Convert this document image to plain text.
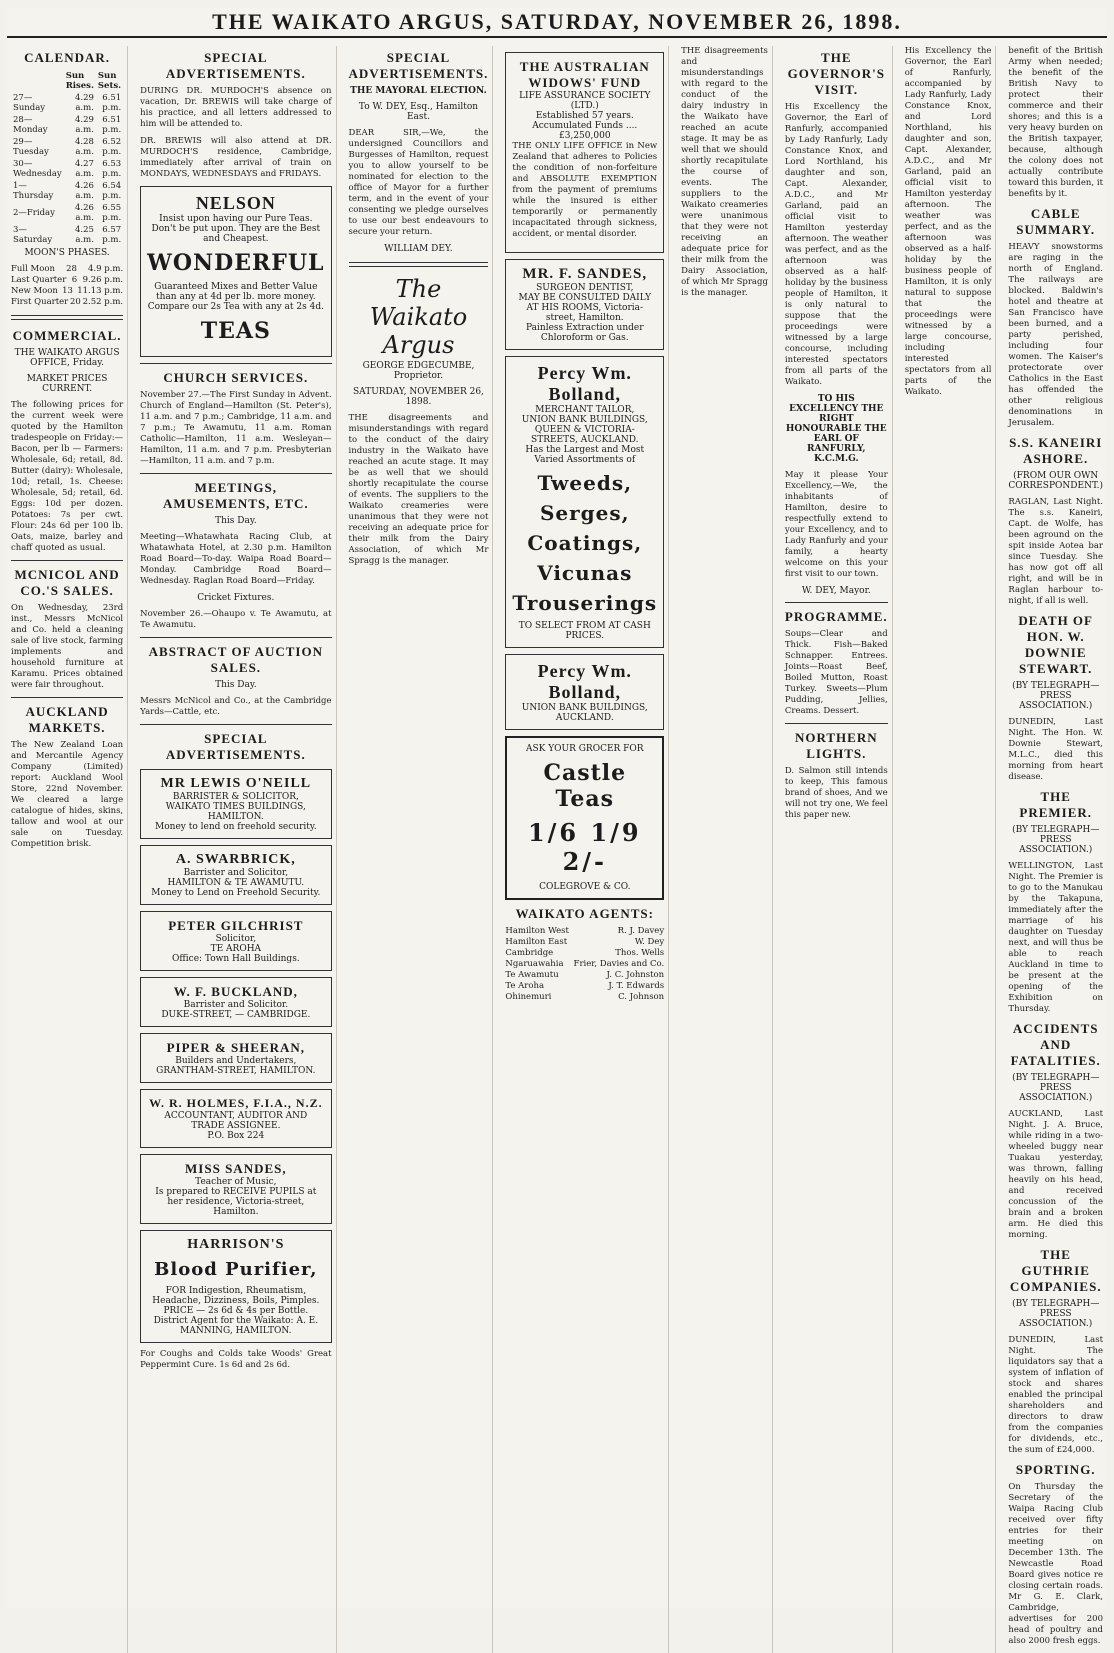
THE WAIKATO ARGUS, SATURDAY, NOVEMBER 26, 1898.
CALENDAR.
	Sun Rises.	Sun Sets.
27—Sunday	4.29 a.m.	6.51 p.m.
28—Monday	4.29 a.m.	6.51 p.m.
29—Tuesday	4.28 a.m.	6.52 p.m.
30—Wednesday	4.27 a.m.	6.53 p.m.
1—Thursday	4.26 a.m.	6.54 p.m.
2—Friday	4.26 a.m.	6.55 p.m.
3—Saturday	4.25 a.m.	6.57 p.m.
MOON'S PHASES.
Full Moon 28 4.9 p.m.
Last Quarter 6 9.26 p.m.
New Moon 13 11.13 p.m.
First Quarter 20 2.52 p.m.
COMMERCIAL.
THE WAIKATO ARGUS OFFICE, Friday.
MARKET PRICES CURRENT.

The following prices for the current week were quoted by the Hamilton tradespeople on Friday:— Bacon, per lb — Farmers: Wholesale, 6d; retail, 8d. Butter (dairy): Wholesale, 10d; retail, 1s. Cheese: Wholesale, 5d; retail, 6d. Eggs: 10d per dozen. Potatoes: 7s per cwt. Flour: 24s 6d per 100 lb. Oats, maize, barley and chaff quoted as usual.

MCNICOL AND CO.'S SALES.

On Wednesday, 23rd inst., Messrs McNicol and Co. held a cleaning sale of live stock, farming implements and household furniture at Karamu. Prices obtained were fair throughout.

AUCKLAND MARKETS.

The New Zealand Loan and Mercantile Agency Company (Limited) report: Auckland Wool Store, 22nd November. We cleared a large catalogue of hides, skins, tallow and wool at our sale on Tuesday. Competition brisk.

SPECIAL ADVERTISEMENTS.

DURING DR. MURDOCH'S absence on vacation, Dr. BREWIS will take charge of his practice, and all letters addressed to him will be attended to.

DR. BREWIS will also attend at DR. MURDOCH'S residence, Cambridge, immediately after arrival of train on MONDAYS, WEDNESDAYS and FRIDAYS.

NELSON
Insist upon having our Pure Teas. Don't be put upon. They are the Best and Cheapest.
WONDERFUL
Guaranteed Mixes and Better Value than any at 4d per lb. more money. Compare our 2s Tea with any at 2s 4d.
TEAS
CHURCH SERVICES.

November 27.—The First Sunday in Advent. Church of England—Hamilton (St. Peter's), 11 a.m. and 7 p.m.; Cambridge, 11 a.m. and 7 p.m.; Te Awamutu, 11 a.m. Roman Catholic—Hamilton, 11 a.m. Wesleyan—Hamilton, 11 a.m. and 7 p.m. Presbyterian—Hamilton, 11 a.m. and 7 p.m.

MEETINGS, AMUSEMENTS, ETC.
This Day.

Meeting—Whatawhata Racing Club, at Whatawhata Hotel, at 2.30 p.m. Hamilton Road Board—To-day. Waipa Road Board—Monday. Cambridge Road Board—Wednesday. Raglan Road Board—Friday.

Cricket Fixtures.

November 26.—Ohaupo v. Te Awamutu, at Te Awamutu.

ABSTRACT OF AUCTION SALES.
This Day.

Messrs McNicol and Co., at the Cambridge Yards—Cattle, etc.

SPECIAL ADVERTISEMENTS.
MR LEWIS O'NEILL
BARRISTER & SOLICITOR,
WAIKATO TIMES BUILDINGS, HAMILTON.
Money to lend on freehold security.
A. SWARBRICK,
Barrister and Solicitor,
HAMILTON & TE AWAMUTU.
Money to Lend on Freehold Security.
PETER GILCHRIST
Solicitor,
TE AROHA
Office: Town Hall Buildings.
W. F. BUCKLAND,
Barrister and Solicitor.
DUKE-STREET, — CAMBRIDGE.
PIPER & SHEERAN,
Builders and Undertakers,
GRANTHAM-STREET, HAMILTON.
W. R. HOLMES, F.I.A., N.Z.
ACCOUNTANT, AUDITOR AND TRADE ASSIGNEE.
P.O. Box 224
MISS SANDES,
Teacher of Music,
Is prepared to RECEIVE PUPILS at her residence, Victoria-street, Hamilton.
HARRISON'S
Blood Purifier,
FOR Indigestion, Rheumatism, Headache, Dizziness, Boils, Pimples.
PRICE — 2s 6d & 4s per Bottle.
District Agent for the Waikato: A. E. MANNING, HAMILTON.

For Coughs and Colds take Woods' Great Peppermint Cure. 1s 6d and 2s 6d.

SPECIAL ADVERTISEMENTS.
THE MAYORAL ELECTION.
To W. DEY, Esq., Hamilton East.

DEAR SIR,—We, the undersigned Councillors and Burgesses of Hamilton, request you to allow yourself to be nominated for election to the office of Mayor for a further term, and in the event of your consenting we pledge ourselves to use our best endeavours to secure your return.

WILLIAM DEY.
The Waikato Argus
GEORGE EDGECUMBE, Proprietor.
SATURDAY, NOVEMBER 26, 1898.

THE disagreements and misunderstandings with regard to the conduct of the dairy industry in the Waikato have reached an acute stage. It may be as well that we should shortly recapitulate the course of events. The suppliers to the Waikato creameries were unanimous that they were not receiving an adequate price for their milk from the Dairy Association, of which Mr Spragg is the manager.

THE AUSTRALIAN WIDOWS' FUND
LIFE ASSURANCE SOCIETY (LTD.)
Established 57 years.
Accumulated Funds .... £3,250,000

THE ONLY LIFE OFFICE in New Zealand that adheres to Policies the condition of non-forfeiture and ABSOLUTE EXEMPTION from the payment of premiums while the insured is either temporarily or permanently incapacitated through sickness, accident, or mental disorder.

MR. F. SANDES,
SURGEON DENTIST,
MAY BE CONSULTED DAILY AT HIS ROOMS, Victoria-street, Hamilton.
Painless Extraction under Chloroform or Gas.
Percy Wm. Bolland,
MERCHANT TAILOR,
UNION BANK BUILDINGS, QUEEN & VICTORIA-STREETS, AUCKLAND.
Has the Largest and Most Varied Assortments of
Tweeds,
Serges,
Coatings,
Vicunas
Trouserings
TO SELECT FROM AT CASH PRICES.
Percy Wm. Bolland,
UNION BANK BUILDINGS, AUCKLAND.
ASK YOUR GROCER FOR
Castle Teas
1/6 1/9 2/-
COLEGROVE & CO.
WAIKATO AGENTS:
Hamilton West	R. J. Davey
Hamilton East	W. Dey
Cambridge	Thos. Wells
Ngaruawahia Frier, Davies and Co.
Te Awamutu	J. C. Johnston
Te Aroha	J. T. Edwards
Ohinemuri	C. Johnson

THE disagreements and misunderstandings with regard to the conduct of the dairy industry in the Waikato have reached an acute stage. It may be as well that we should shortly recapitulate the course of events. The suppliers to the Waikato creameries were unanimous that they were not receiving an adequate price for their milk from the Dairy Association, of which Mr Spragg is the manager.

THE GOVERNOR'S VISIT.

His Excellency the Governor, the Earl of Ranfurly, accompanied by Lady Ranfurly, Lady Constance Knox, and Lord Northland, his daughter and son, Capt. Alexander, A.D.C., and Mr Garland, paid an official visit to Hamilton yesterday afternoon. The weather was perfect, and as the afternoon was observed as a half-holiday by the business people of Hamilton, it is only natural to suppose that the proceedings were witnessed by a large concourse, including interested spectators from all parts of the Waikato.

TO HIS EXCELLENCY THE RIGHT HONOURABLE THE EARL OF RANFURLY, K.C.M.G.

May it please Your Excellency,—We, the inhabitants of Hamilton, desire to respectfully extend to your Excellency, and to Lady Ranfurly and your family, a hearty welcome on this your first visit to our town.

W. DEY, Mayor.
PROGRAMME.

Soups—Clear and Thick. Fish—Baked Schnapper. Entrees. Joints—Roast Beef, Boiled Mutton, Roast Turkey. Sweets—Plum Pudding, Jellies, Creams. Dessert.

NORTHERN LIGHTS.

D. Salmon still intends to keep, This famous brand of shoes, And we will not try one, We feel this paper new.

His Excellency the Governor, the Earl of Ranfurly, accompanied by Lady Ranfurly, Lady Constance Knox, and Lord Northland, his daughter and son, Capt. Alexander, A.D.C., and Mr Garland, paid an official visit to Hamilton yesterday afternoon. The weather was perfect, and as the afternoon was observed as a half-holiday by the business people of Hamilton, it is only natural to suppose that the proceedings were witnessed by a large concourse, including interested spectators from all parts of the Waikato.

benefit of the British Army when needed; the benefit of the British Navy to protect their commerce and their shores; and this is a very heavy burden on the British taxpayer, because, although the colony does not actually contribute toward this burden, it benefits by it.

CABLE SUMMARY.

HEAVY snowstorms are raging in the north of England. The railways are blocked. Baldwin's hotel and theatre at San Francisco have been burned, and a party perished, including four women. The Kaiser's protectorate over Catholics in the East has offended the other religious denominations in Jerusalem.

S.S. KANEIRI ASHORE.
(FROM OUR OWN CORRESPONDENT.)

RAGLAN, Last Night. The s.s. Kaneiri, Capt. de Wolfe, has been aground on the spit inside Aotea bar since Tuesday. She has now got off all right, and will be in Raglan harbour to-night, if all is well.

DEATH OF HON. W. DOWNIE STEWART.
(BY TELEGRAPH—PRESS ASSOCIATION.)

DUNEDIN, Last Night. The Hon. W. Downie Stewart, M.L.C., died this morning from heart disease.

THE PREMIER.
(BY TELEGRAPH—PRESS ASSOCIATION.)

WELLINGTON, Last Night. The Premier is to go to the Manukau by the Takapuna, immediately after the marriage of his daughter on Tuesday next, and will thus be able to reach Auckland in time to be present at the opening of the Exhibition on Thursday.

ACCIDENTS AND FATALITIES.
(BY TELEGRAPH—PRESS ASSOCIATION.)

AUCKLAND, Last Night. J. A. Bruce, while riding in a two-wheeled buggy near Tuakau yesterday, was thrown, falling heavily on his head, and received concussion of the brain and a broken arm. He died this morning.

THE GUTHRIE COMPANIES.
(BY TELEGRAPH—PRESS ASSOCIATION.)

DUNEDIN, Last Night. The liquidators say that a system of inflation of stock and shares enabled the principal shareholders and directors to draw from the companies for dividends, etc., the sum of £24,000.

SPORTING.

On Thursday the Secretary of the Waipa Racing Club received over fifty entries for their meeting on December 13th. The Newcastle Road Board gives notice re closing certain roads. Mr G. E. Clark, Cambridge, advertises for 200 head of poultry and also 2000 fresh eggs.
